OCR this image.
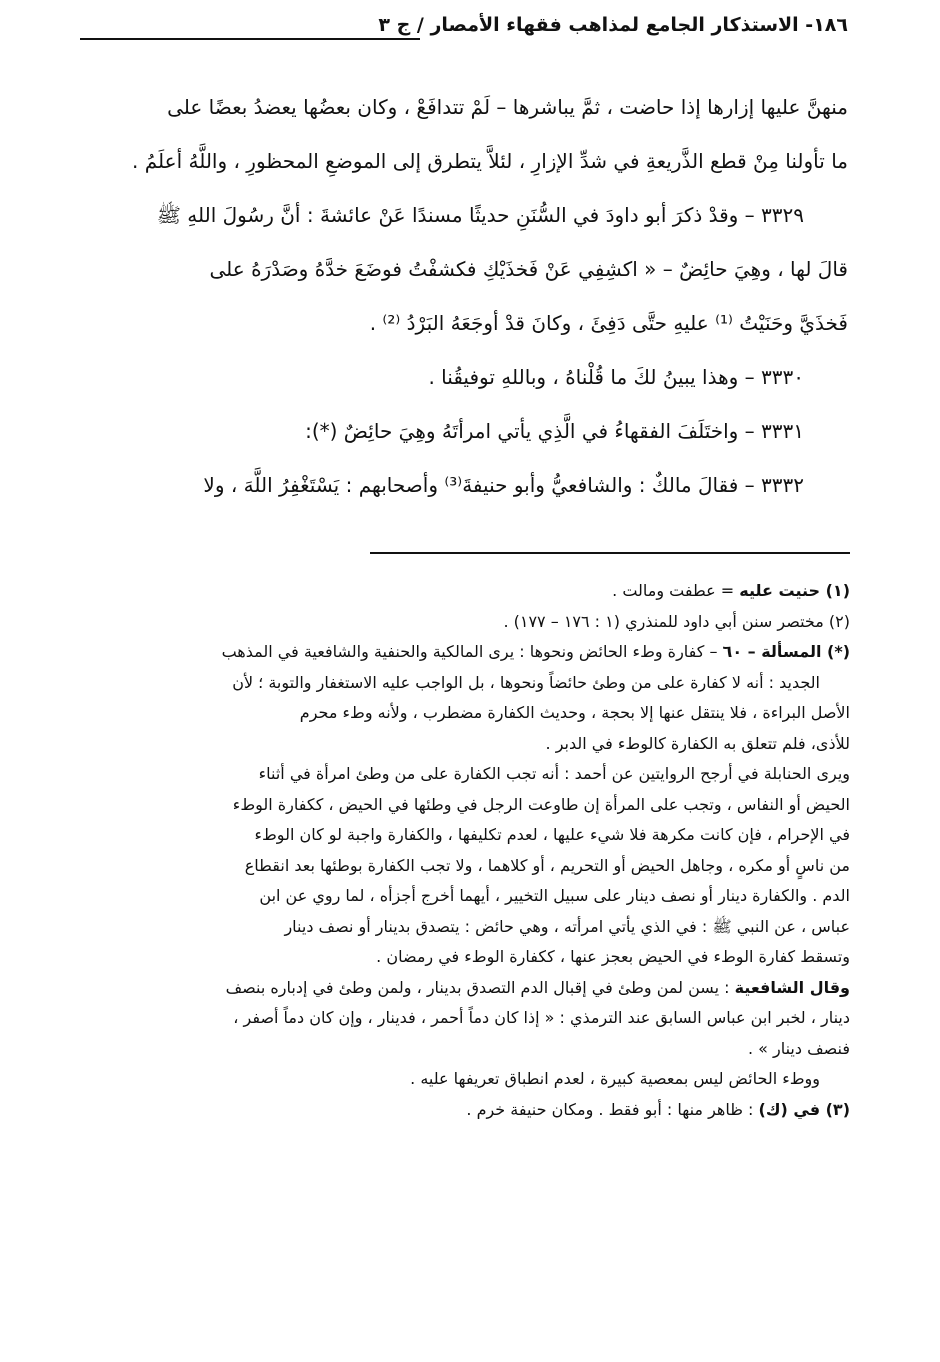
١٨٦- الاستذكار الجامع لمذاهب فقهاء الأمصار / ج ٣

منهنَّ عليها إزارها إذا حاضت ، ثمَّ يباشرها – لَمْ تتدافَعْ ، وكان بعضُها يعضدُ بعضًا على

ما تأولنا مِنْ قطع الذَّريعةِ في شدِّ الإزارِ ، لئلاَّ يتطرق إلى الموضعِ المحظورِ ، واللَّهُ أعلَمُ .

٣٣٢٩ – وقدْ ذكرَ أبو داودَ في السُّنَنِ حديثًا مسندًا عَنْ عائشةَ : أنَّ رسُولَ اللهِ ﷺ

قالَ لها ، وهِيَ حائِضٌ – « اكشِفِي عَنْ فَخذَيْكِ فكشفْتُ فوضَعَ خدَّهُ وصَدْرَهُ على

فَخذَيَّ وحَنَيْتُ ⁽¹⁾ عليهِ حتَّى دَفِئَ ، وكانَ قدْ أوجَعَهُ البَرْدُ ⁽²⁾ .

٣٣٣٠ – وهذا يبينُ لكَ ما قُلْناهُ ، وباللهِ توفيقُنا .

٣٣٣١ – واختَلَفَ الفقهاءُ في الَّذِي يأتي امرأتَهُ وهِيَ حائِضٌ (*):

٣٣٣٢ – فقالَ مالكٌ : والشافعيُّ وأبو حنيفةَ⁽³⁾ وأصحابهم : يَسْتَغْفِرُ اللَّهَ ، ولا

(١) حنيت عليه = عطفت ومالت .

(٢) مختصر سنن أبي داود للمنذري (١ : ١٧٦ – ١٧٧) .

(*) المسألة – ٦٠ – كفارة وطء الحائض ونحوها : يرى المالكية والحنفية والشافعية في المذهب

الجديد : أنه لا كفارة على من وطئ حائضاً ونحوها ، بل الواجب عليه الاستغفار والتوبة ؛ لأن

الأصل البراءة ، فلا ينتقل عنها إلا بحجة ، وحديث الكفارة مضطرب ، ولأنه وطء محرم

للأذى، فلم تتعلق به الكفارة كالوطء في الدبر .

ويرى الحنابلة في أرجح الروايتين عن أحمد : أنه تجب الكفارة على من وطئ امرأة في أثناء

الحيض أو النفاس ، وتجب على المرأة إن طاوعت الرجل في وطئها في الحيض ، ككفارة الوطء

في الإحرام ، فإن كانت مكرهة فلا شيء عليها ، لعدم تكليفها ، والكفارة واجبة لو كان الوطء

من ناسٍ أو مكره ، وجاهل الحيض أو التحريم ، أو كلاهما ، ولا تجب الكفارة بوطئها بعد انقطاع

الدم . والكفارة دينار أو نصف دينار على سبيل التخيير ، أيهما أخرج أجزأه ، لما روي عن ابن

عباس ، عن النبي ﷺ : في الذي يأتي امرأته ، وهي حائض : يتصدق بدينار أو نصف دينار

وتسقط كفارة الوطء في الحيض بعجز عنها ، ككفارة الوطء في رمضان .

وقال الشافعية : يسن لمن وطئ في إقبال الدم التصدق بدينار ، ولمن وطئ في إدباره بنصف

دينار ، لخبر ابن عباس السابق عند الترمذي : « إذا كان دماً أحمر ، فدينار ، وإن كان دماً أصفر ،

فنصف دينار » .

ووطء الحائض ليس بمعصية كبيرة ، لعدم انطباق تعريفها عليه .

(٣) في (ك) : ظاهر منها : أبو فقط . ومكان حنيفة خرم .
